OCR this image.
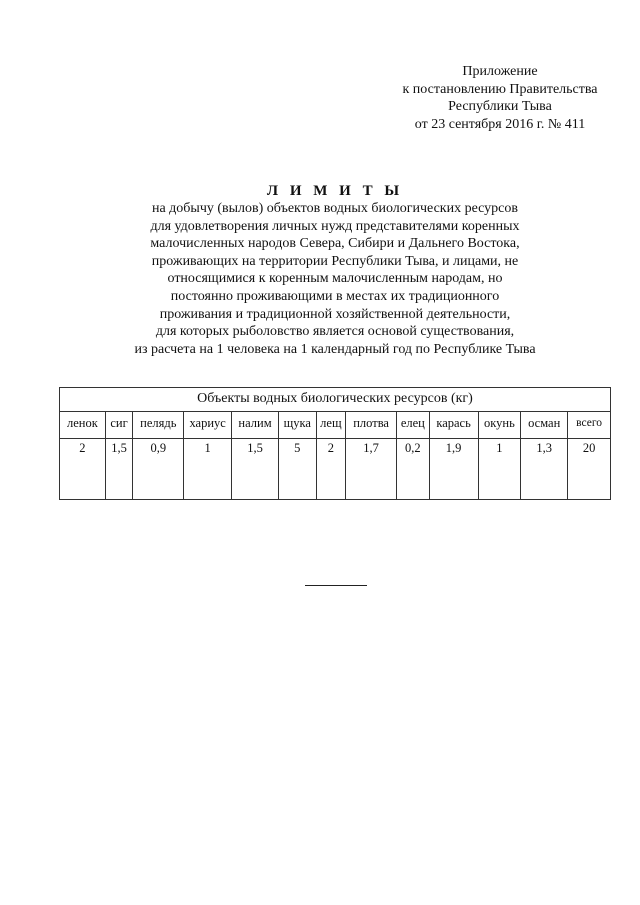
Приложение
к постановлению Правительства
Республики Тыва
от 23 сентября 2016 г. № 411
Л И М И Т Ы
на добычу (вылов) объектов водных биологических ресурсов
для удовлетворения личных нужд представителями коренных
малочисленных народов Севера, Сибири и Дальнего Востока,
проживающих на территории Республики Тыва, и лицами, не
относящимися к коренным малочисленным народам, но
постоянно проживающими в местах их традиционного
проживания и традиционной хозяйственной деятельности,
для которых рыболовство является основой существования,
из расчета на 1 человека на 1 календарный год по Республике Тыва
Объекты водных биологических ресурсов (кг)												
ленок	сиг	пелядь	хариус	налим	щука	лещ	плотва	елец	карась	окунь	осман	всего
2	1,5	0,9	1	1,5	5	2	1,7	0,2	1,9	1	1,3	20
